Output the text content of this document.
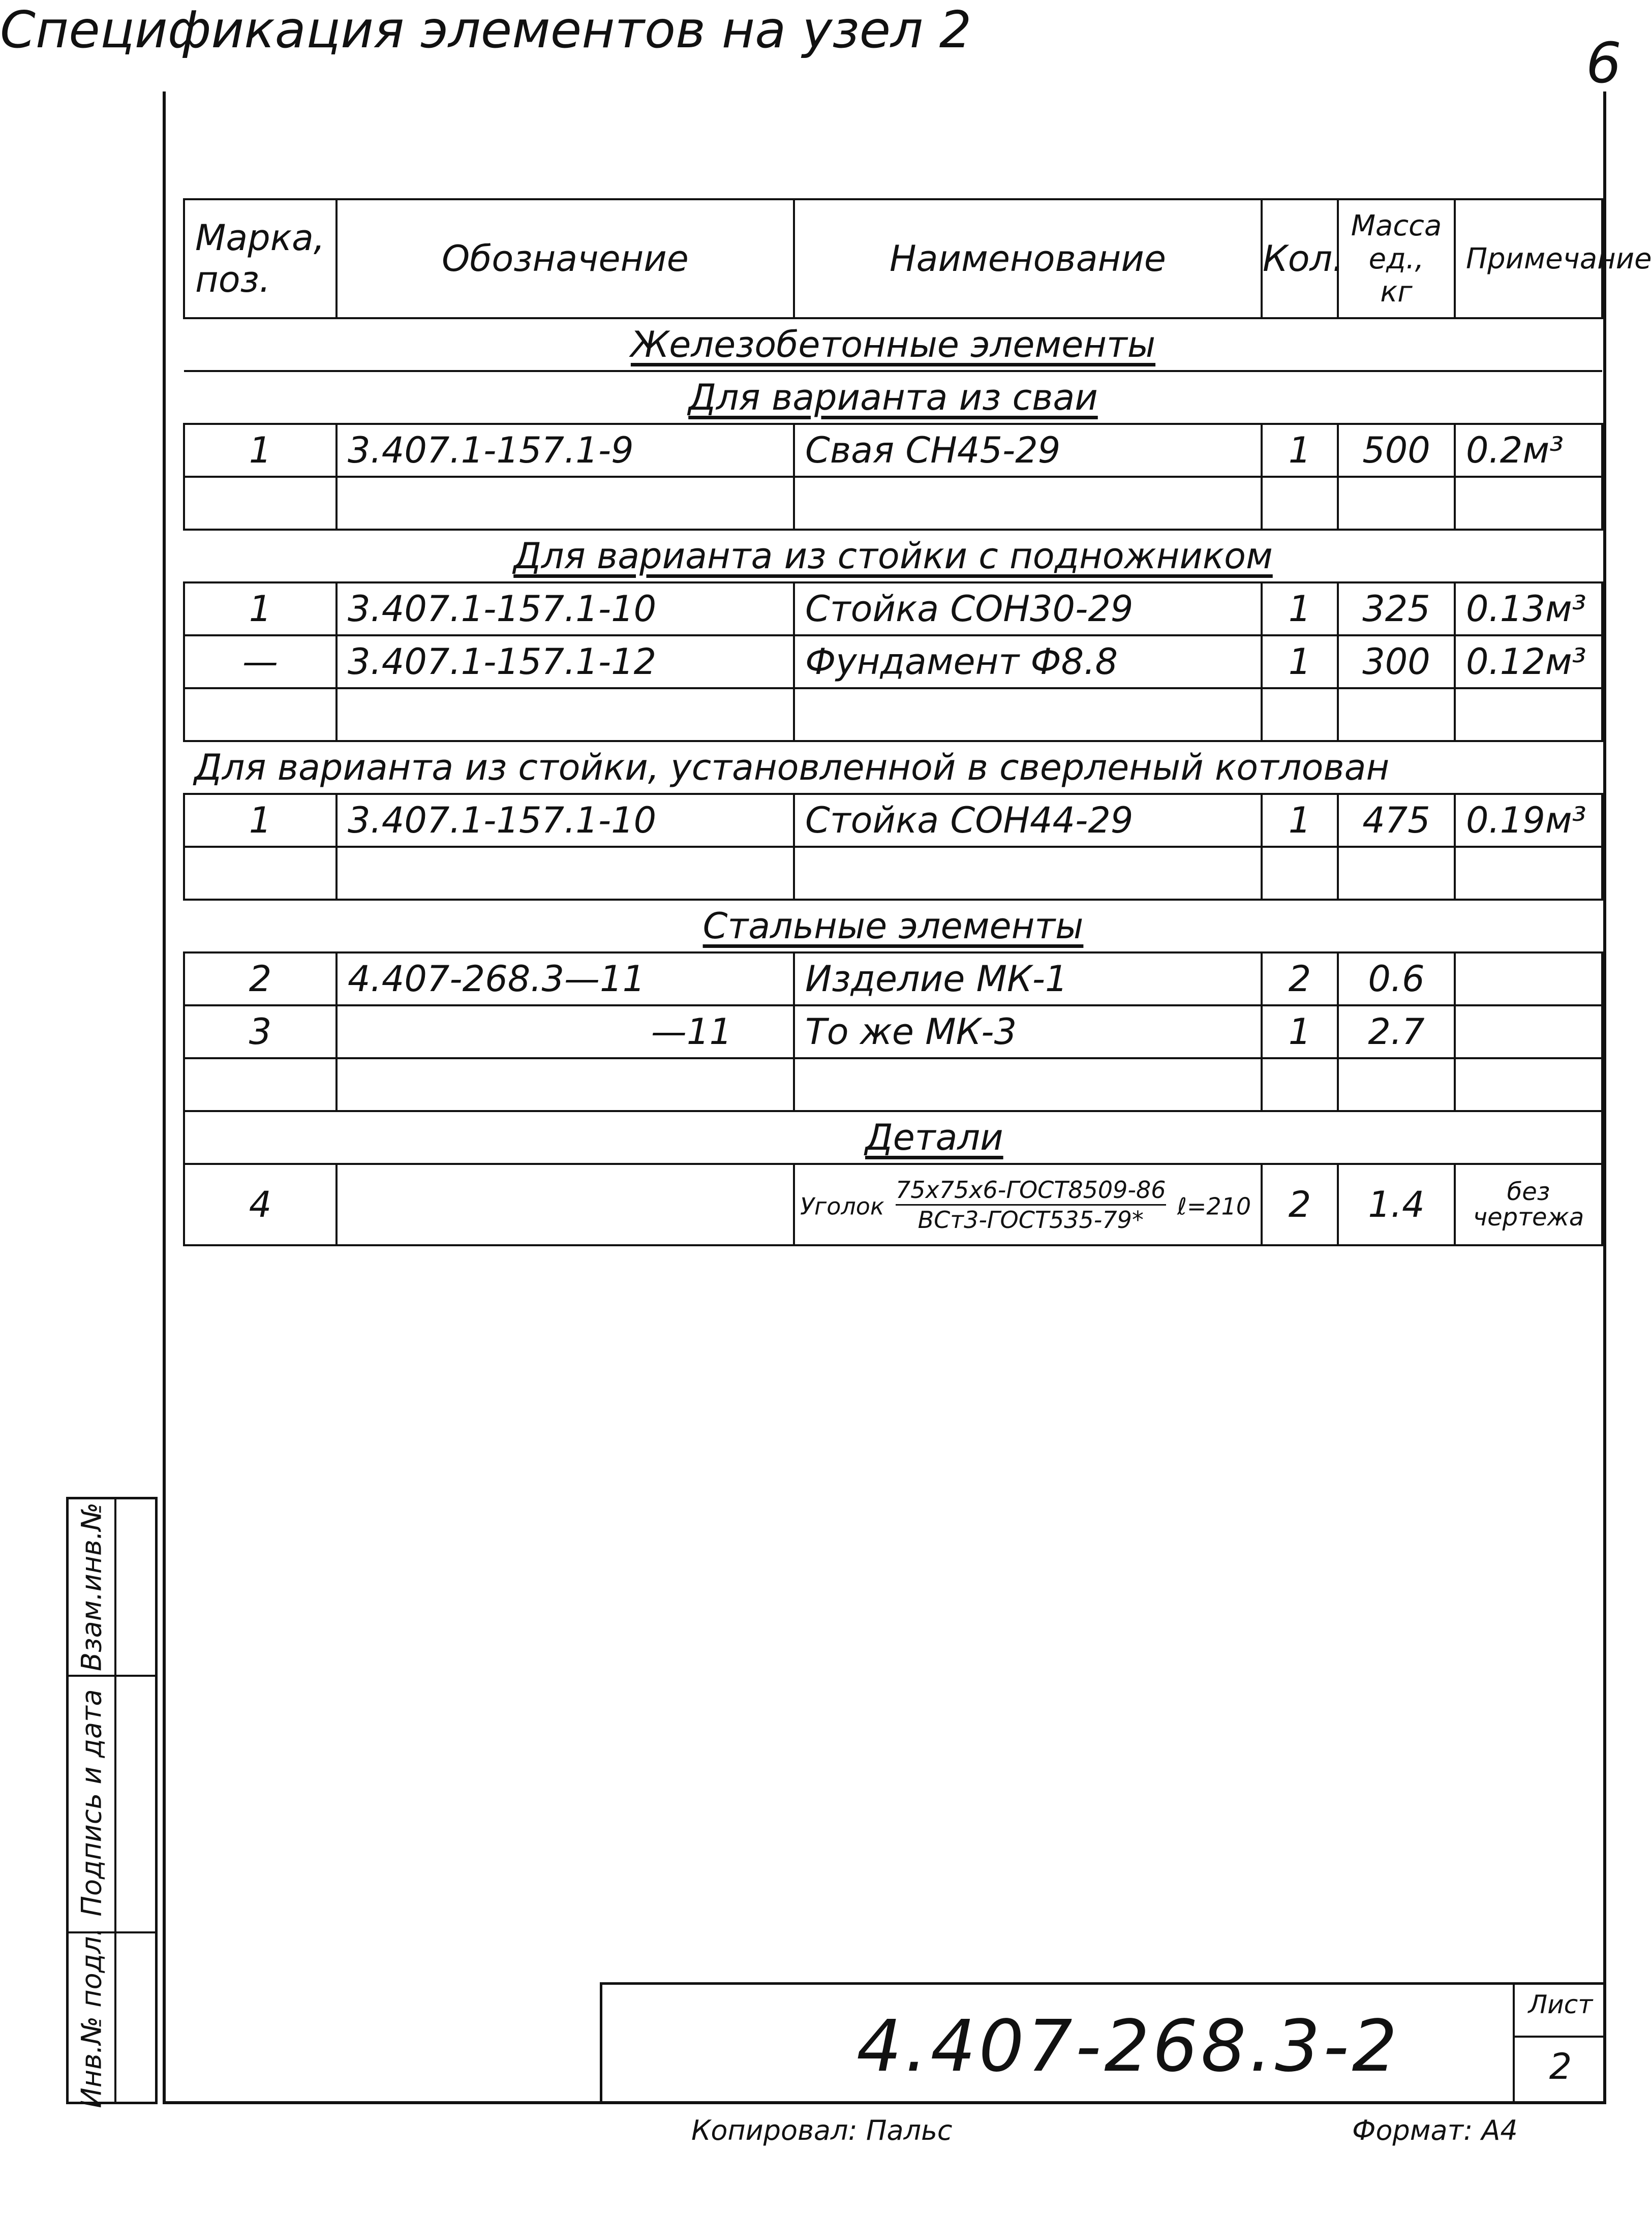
6
Спецификация элементов на узел 2
Марка, поз.	Обозначение	Наименование	Кол.	Масса ед., кг	Примечание
Железобетонные элементы					
Для варианта из сваи					
1	3.407.1-157.1-9	Свая СН45-29	1	500	0.2м³

Для варианта из стойки с подножником					
1	3.407.1-157.1-10	Стойка СОН30-29	1	325	0.13м³
—	3.407.1-157.1-12	Фундамент Ф8.8	1	300	0.12м³

Для варианта из стойки, установленной в сверленый котлован					
1	3.407.1-157.1-10	Стойка СОН44-29	1	475	0.19м³

Стальные элементы					
2	4.407-268.3—11	Изделие МК-1	2	0.6	
3	—11	То же МК-3	1	2.7	

		Детали			
4		Уголок $\frac{\text{75х75х6-ГОСТ8509-86}}{\text{ВСт3-ГОСТ535-79*}}$ ℓ=210	2	1.4	без чертежа
Взам.инв.№
Подпись и дата
Инв.№ подл.	4.407-268.3-2
Лист
2
Копировал: Пальс	Формат: А4
